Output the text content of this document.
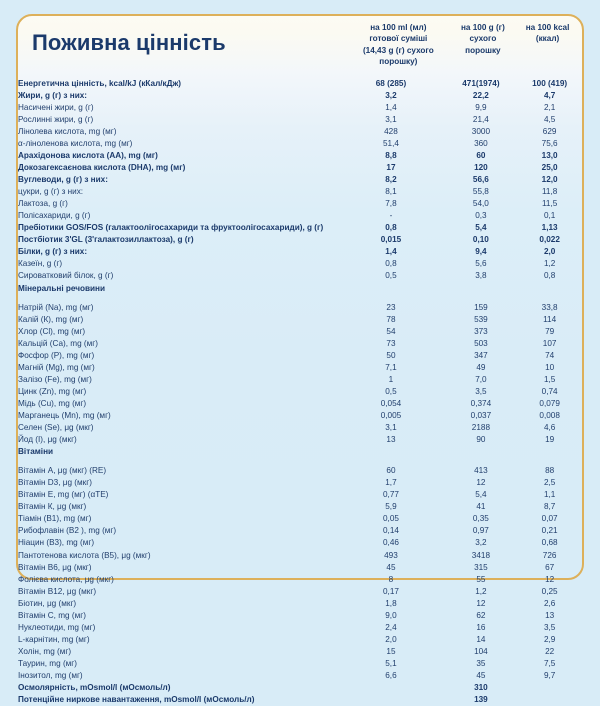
Поживна цінність
на 100 ml (мл)
готової суміші
(14,43 g (г) сухого
порошку)
на 100 g (г)
сухого
порошку
на 100 kcal
(ккал)
Енергетична цінність, kcal/kJ (кКал/кДж)	68 (285)	471(1974)	100 (419)
Жири, g (г) з них:	3,2	22,2	4,7
Насичені жири, g (г)	1,4	9,9	2,1
Рослинні жири, g (г)	3,1	21,4	4,5
Лінолева кислота, mg (мг)	428	3000	629
α-ліноленова кислота, mg (мг)	51,4	360	75,6
Арахідонова кислота (АА), mg (мг)	8,8	60	13,0
Докозагексаєнова кислота (DHA), mg (мг)	17	120	25,0
Вуглеводи, g (г) з них:	8,2	56,6	12,0
цукри, g (г) з них:	8,1	55,8	11,8
Лактоза, g (г)	7,8	54,0	11,5
Полісахариди, g (г)	-	0,3	0,1
Пребіотики GOS/FOS (галактоолігосахариди та фруктоолігосахариди), g (г)	0,8	5,4	1,13
Постбіотик 3'GL (3'галактозиллактоза), g (г)	0,015	0,10	0,022
Білки, g (г) з них:	1,4	9,4	2,0
Казеїн, g (г)	0,8	5,6	1,2
Сироватковий білок, g (г)	0,5	3,8	0,8
Мінеральні речовини			

Натрій (Na), mg (мг)	23	159	33,8
Калій (К), mg (мг)	78	539	114
Хлор (Cl), mg (мг)	54	373	79
Кальцій (Са), mg (мг)	73	503	107
Фосфор (Р), mg (мг)	50	347	74
Магній (Mg), mg (мг)	7,1	49	10
Залізо (Fe), mg (мг)	1	7,0	1,5
Цинк (Zn), mg (мг)	0,5	3,5	0,74
Мідь (Cu), mg (мг)	0,054	0,374	0,079
Марганець (Mn), mg (мг)	0,005	0,037	0,008
Селен (Se), μg (мкг)	3,1	2188	4,6
Йод (I), μg (мкг)	13	90	19
Вітаміни			

Вітамін А, μg (мкг) (RE)	60	413	88
Вітамін D3, μg (мкг)	1,7	12	2,5
Вітамін Е, mg (мг) (αТЕ)	0,77	5,4	1,1
Вітамін К, μg (мкг)	5,9	41	8,7
Тіамін (В1), mg (мг)	0,05	0,35	0,07
Рибофлавін (В2 ), mg (мг)	0,14	0,97	0,21
Ніацин (В3), mg (мг)	0,46	3,2	0,68
Пантотенова кислота (В5), μg (мкг)	493	3418	726
Вітамін В6, μg (мкг)	45	315	67
Фолієва кислота, μg (мкг)	8	55	12
Вітамін В12, μg (мкг)	0,17	1,2	0,25
Біотин, μg (мкг)	1,8	12	2,6
Вітамін С, mg (мг)	9,0	62	13
Нуклеотиди, mg (мг)	2,4	16	3,5
L-карнітин, mg (мг)	2,0	14	2,9
Холін, mg (мг)	15	104	22
Таурин, mg (мг)	5,1	35	7,5
Інозитол, mg (мг)	6,6	45	9,7
Осмолярність, mOsmol/l (мОсмоль/л)		310	
Потенційне ниркове навантаження, mOsmol/l (мОсмоль/л)		139	
